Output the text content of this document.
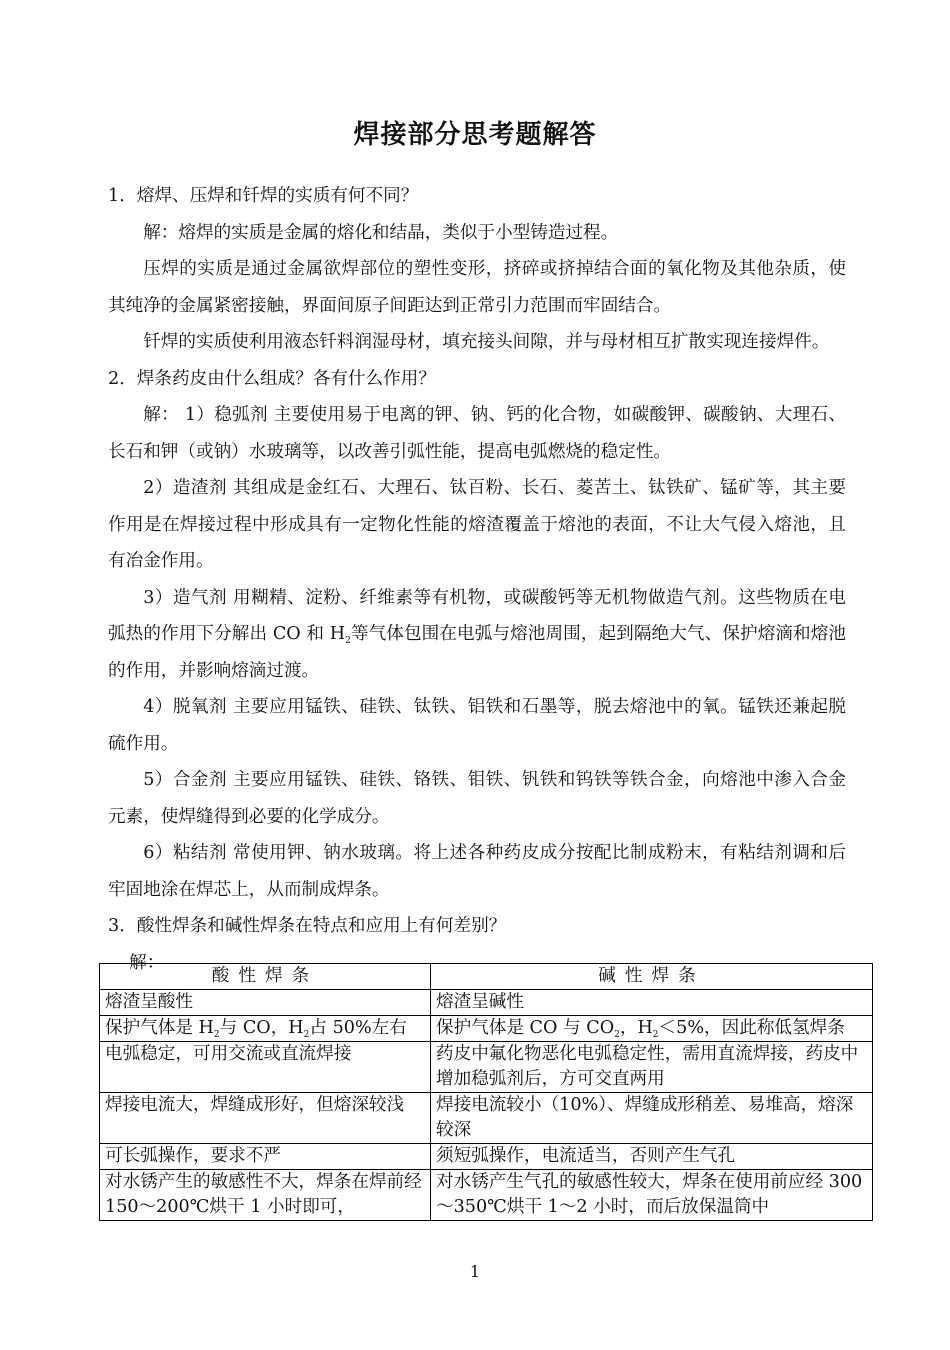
焊接部分思考题解答

1．熔焊、压焊和钎焊的实质有何不同？

解：熔焊的实质是金属的熔化和结晶，类似于小型铸造过程。

压焊的实质是通过金属欲焊部位的塑性变形，挤碎或挤掉结合面的氧化物及其他杂质，使其纯净的金属紧密接触，界面间原子间距达到正常引力范围而牢固结合。

钎焊的实质使利用液态钎料润湿母材，填充接头间隙，并与母材相互扩散实现连接焊件。

2．焊条药皮由什么组成？各有什么作用？

解： 1）稳弧剂 主要使用易于电离的钾、钠、钙的化合物，如碳酸钾、碳酸钠、大理石、长石和钾（或钠）水玻璃等，以改善引弧性能，提高电弧燃烧的稳定性。

2）造渣剂 其组成是金红石、大理石、钛百粉、长石、菱苦土、钛铁矿、锰矿等，其主要作用是在焊接过程中形成具有一定物化性能的熔渣覆盖于熔池的表面，不让大气侵入熔池，且有冶金作用。

3）造气剂 用糊精、淀粉、纤维素等有机物，或碳酸钙等无机物做造气剂。这些物质在电弧热的作用下分解出 CO 和 $H_2$等气体包围在电弧与熔池周围，起到隔绝大气、保护熔滴和熔池的作用，并影响熔滴过渡。

4）脱氧剂 主要应用锰铁、硅铁、钛铁、铝铁和石墨等，脱去熔池中的氧。锰铁还兼起脱硫作用。

5）合金剂 主要应用锰铁、硅铁、铬铁、钼铁、钒铁和钨铁等铁合金，向熔池中渗入合金元素，使焊缝得到必要的化学成分。

6）粘结剂 常使用钾、钠水玻璃。将上述各种药皮成分按配比制成粉末，有粘结剂调和后牢固地涂在焊芯上，从而制成焊条。

3．酸性焊条和碱性焊条在特点和应用上有何差别？

解：

酸性焊条	碱性焊条
熔渣呈酸性	熔渣呈碱性
保护气体是 $H_2$与 CO，$H_2$占 50%左右	保护气体是 CO 与 $CO_2$，$H_2<5\%$，因此称低氢焊条
电弧稳定，可用交流或直流焊接	药皮中氟化物恶化电弧稳定性，需用直流焊接，药皮中增加稳弧剂后，方可交直两用
焊接电流大，焊缝成形好，但熔深较浅	焊接电流较小（10%）、焊缝成形稍差、易堆高，熔深较深
可长弧操作，要求不严	须短弧操作，电流适当，否则产生气孔
对水锈产生的敏感性不大，焊条在焊前经 150～200℃烘干 1 小时即可，	对水锈产生气孔的敏感性较大，焊条在使用前应经 300～350℃烘干 1～2 小时，而后放保温筒中
1
